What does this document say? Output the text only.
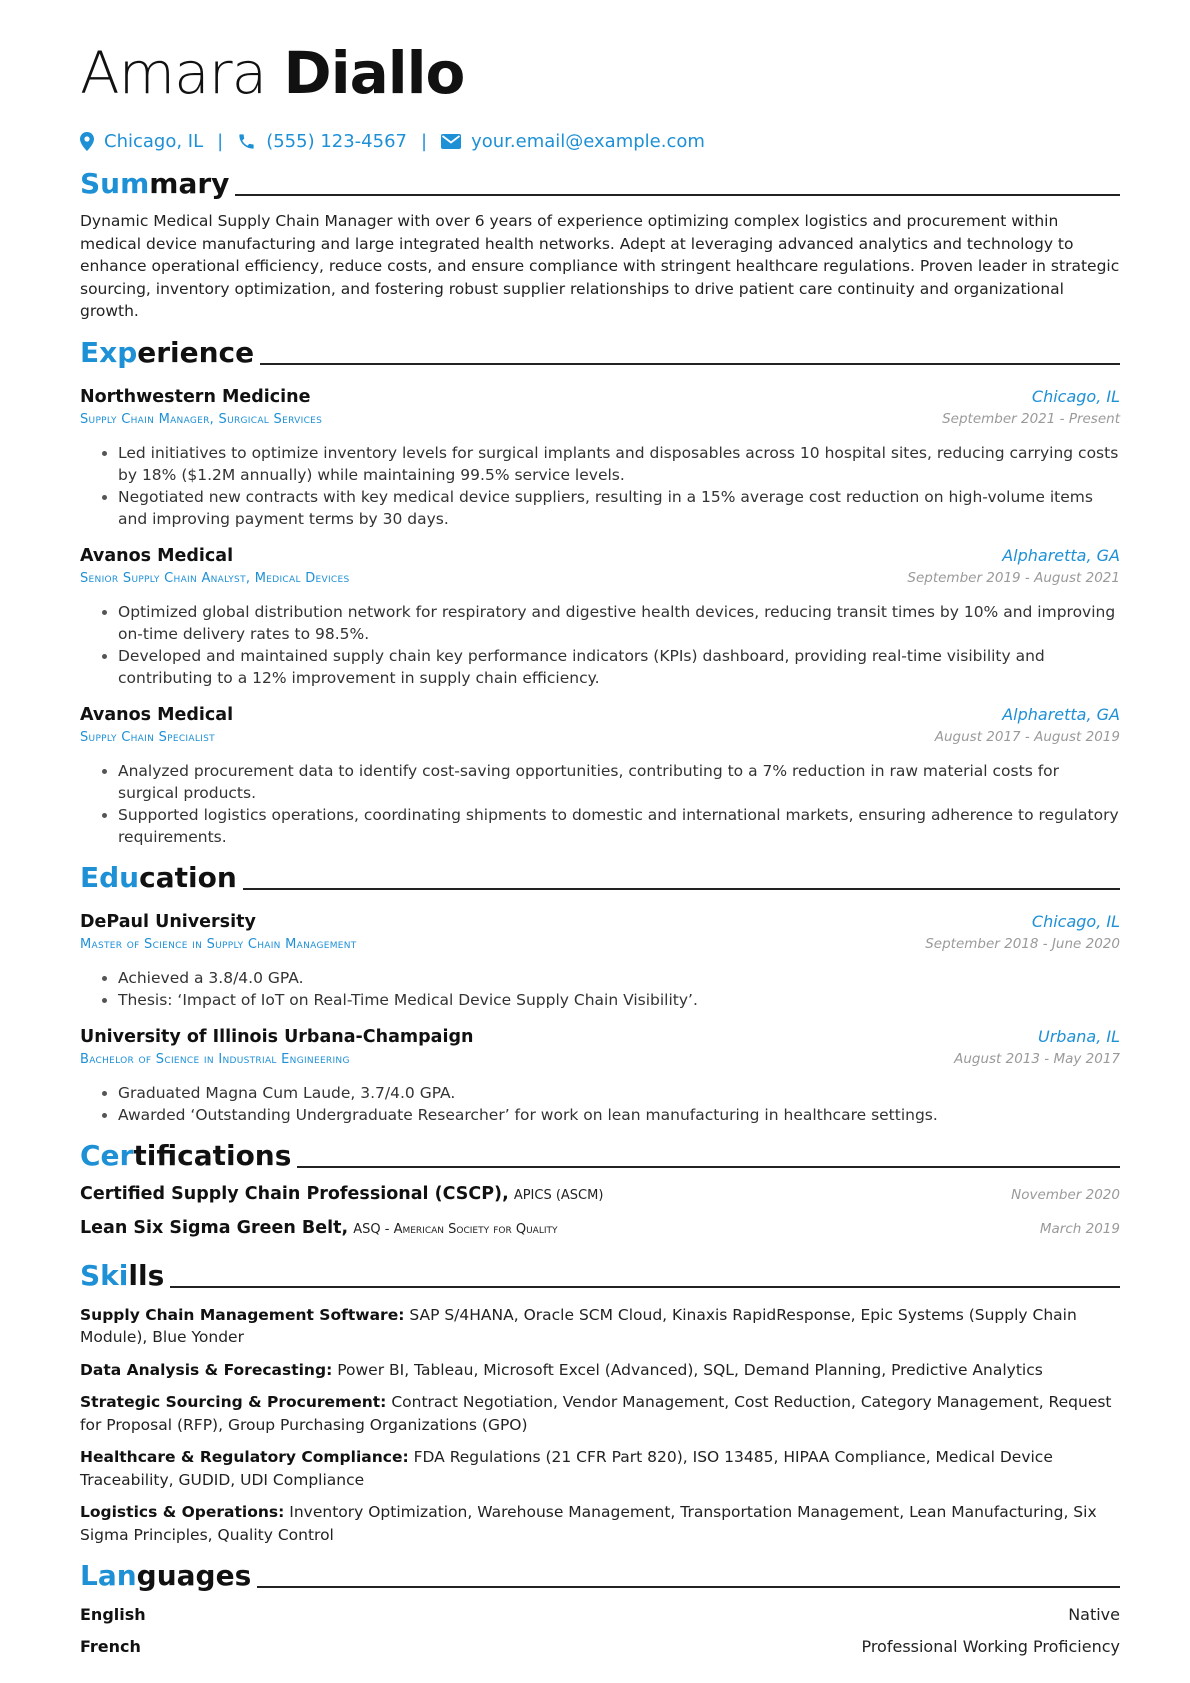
Amara Diallo
Chicago, IL | (555) 123-4567 | your.email@example.com
Summary
Dynamic Medical Supply Chain Manager with over 6 years of experience optimizing complex logistics and procurement within medical device manufacturing and large integrated health networks. Adept at leveraging advanced analytics and technology to enhance operational efficiency, reduce costs, and ensure compliance with stringent healthcare regulations. Proven leader in strategic sourcing, inventory optimization, and fostering robust supplier relationships to drive patient care continuity and organizational growth.
Experience
Northwestern Medicine	Chicago, IL
Supply Chain Manager, Surgical Services	September 2021 - Present
• Led initiatives to optimize inventory levels for surgical implants and disposables across 10 hospital sites, reducing carrying costs by 18% ($1.2M annually) while maintaining 99.5% service levels.
• Negotiated new contracts with key medical device suppliers, resulting in a 15% average cost reduction on high-volume items and improving payment terms by 30 days.
Avanos Medical	Alpharetta, GA
Senior Supply Chain Analyst, Medical Devices	September 2019 - August 2021
• Optimized global distribution network for respiratory and digestive health devices, reducing transit times by 10% and improving on-time delivery rates to 98.5%.
• Developed and maintained supply chain key performance indicators (KPIs) dashboard, providing real-time visibility and contributing to a 12% improvement in supply chain efficiency.
Avanos Medical	Alpharetta, GA
Supply Chain Specialist	August 2017 - August 2019
• Analyzed procurement data to identify cost-saving opportunities, contributing to a 7% reduction in raw material costs for surgical products.
• Supported logistics operations, coordinating shipments to domestic and international markets, ensuring adherence to regulatory requirements.
Education
DePaul University	Chicago, IL
Master of Science in Supply Chain Management	September 2018 - June 2020
• Achieved a 3.8/4.0 GPA.
• Thesis: ‘Impact of IoT on Real-Time Medical Device Supply Chain Visibility’.
University of Illinois Urbana-Champaign	Urbana, IL
Bachelor of Science in Industrial Engineering	August 2013 - May 2017
• Graduated Magna Cum Laude, 3.7/4.0 GPA.
• Awarded ‘Outstanding Undergraduate Researcher’ for work on lean manufacturing in healthcare settings.
Certifications
Certified Supply Chain Professional (CSCP), APICS (ASCM)	November 2020
Lean Six Sigma Green Belt, ASQ - American Society for Quality	March 2019
Skills
Supply Chain Management Software: SAP S/4HANA, Oracle SCM Cloud, Kinaxis RapidResponse, Epic Systems (Supply Chain Module), Blue Yonder
Data Analysis & Forecasting: Power BI, Tableau, Microsoft Excel (Advanced), SQL, Demand Planning, Predictive Analytics
Strategic Sourcing & Procurement: Contract Negotiation, Vendor Management, Cost Reduction, Category Management, Request for Proposal (RFP), Group Purchasing Organizations (GPO)
Healthcare & Regulatory Compliance: FDA Regulations (21 CFR Part 820), ISO 13485, HIPAA Compliance, Medical Device Traceability, GUDID, UDI Compliance
Logistics & Operations: Inventory Optimization, Warehouse Management, Transportation Management, Lean Manufacturing, Six Sigma Principles, Quality Control
Languages
English	Native
French	Professional Working Proficiency
